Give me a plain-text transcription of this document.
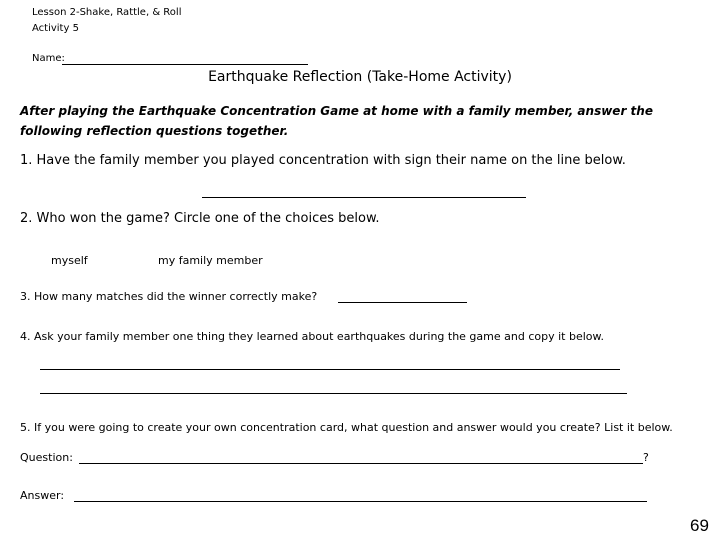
Lesson 2-Shake, Rattle, & Roll
Activity 5
Name:
Earthquake Reflection (Take-Home Activity)
After playing the Earthquake Concentration Game at home with a family member, answer the following reflection questions together.
1. Have the family member you played concentration with sign their name on the line below.
2. Who won the game? Circle one of the choices below.
myself	my family member
3. How many matches did the winner correctly make?
4. Ask your family member one thing they learned about earthquakes during the game and copy it below.
5. If you were going to create your own concentration card, what question and answer would you create? List it below.
Question:	?
Answer:
69
